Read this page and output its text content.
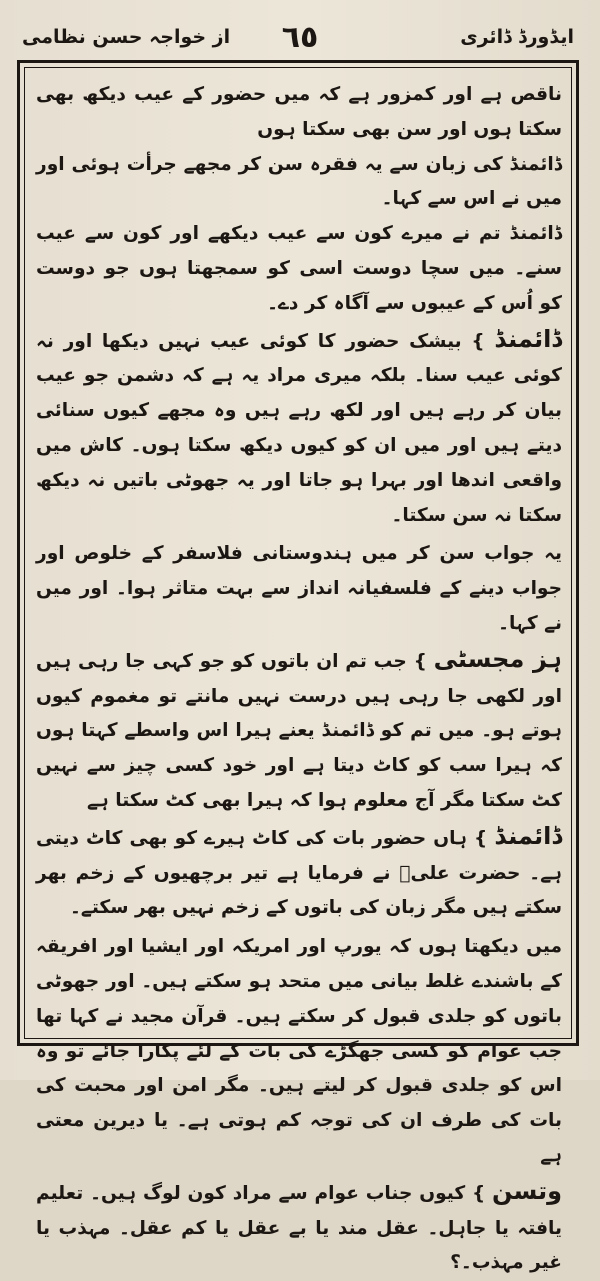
ایڈورڈ ڈائری
٦٥
از خواجہ حسن نظامی

ناقص ہے اور کمزور ہے کہ میں حضور کے عیب دیکھ بھی سکتا ہوں اور سن بھی سکتا ہوں

ڈائمنڈ کی زبان سے یہ فقرہ سن کر مجھے جرأت ہوئی اور میں نے اس سے کہا۔

ڈائمنڈ تم نے میرے کون سے عیب دیکھے اور کون سے عیب سنے۔ میں سچا دوست اسی کو سمجھتا ہوں جو دوست کو اُس کے عیبوں سے آگاہ کر دے۔

ڈائمنڈ } بیشک حضور کا کوئی عیب نہیں دیکھا اور نہ کوئی عیب سنا۔ بلکہ میری مراد یہ ہے کہ دشمن جو عیب بیان کر رہے ہیں اور لکھ رہے ہیں وہ مجھے کیوں سنائی دیتے ہیں اور میں ان کو کیوں دیکھ سکتا ہوں۔ کاش میں واقعی اندھا اور بہرا ہو جاتا اور یہ جھوٹی باتیں نہ دیکھ سکتا نہ سن سکتا۔

یہ جواب سن کر میں ہندوستانی فلاسفر کے خلوص اور جواب دینے کے فلسفیانہ انداز سے بہت متاثر ہوا۔ اور میں نے کہا۔

ہز مجسٹی } جب تم ان باتوں کو جو کہی جا رہی ہیں اور لکھی جا رہی ہیں درست نہیں مانتے تو مغموم کیوں ہوتے ہو۔ میں تم کو ڈائمنڈ یعنے ہیرا اس واسطے کہتا ہوں کہ ہیرا سب کو کاٹ دیتا ہے اور خود کسی چیز سے نہیں کٹ سکتا مگر آج معلوم ہوا کہ ہیرا بھی کٹ سکتا ہے

ڈائمنڈ } ہاں حضور بات کی کاٹ ہیرے کو بھی کاٹ دیتی ہے۔ حضرت علیؑ نے فرمایا ہے تیر برچھیوں کے زخم بھر سکتے ہیں مگر زبان کی باتوں کے زخم نہیں بھر سکتے۔

میں دیکھتا ہوں کہ یورپ اور امریکہ اور ایشیا اور افریقہ کے باشندے غلط بیانی میں متحد ہو سکتے ہیں۔ اور جھوٹی باتوں کو جلدی قبول کر سکتے ہیں۔ قرآن مجید نے کہا تھا جب عوام کو کسی جھگڑے کی بات کے لئے پکارا جائے تو وہ اس کو جلدی قبول کر لیتے ہیں۔ مگر امن اور محبت کی بات کی طرف ان کی توجہ کم ہوتی ہے۔ یا دیرین معتی ہے

وتسن } کیوں جناب عوام سے مراد کون لوگ ہیں۔ تعلیم یافتہ یا جاہل۔ عقل مند یا بے عقل یا کم عقل۔ مہذب یا غیر مہذب۔؟
